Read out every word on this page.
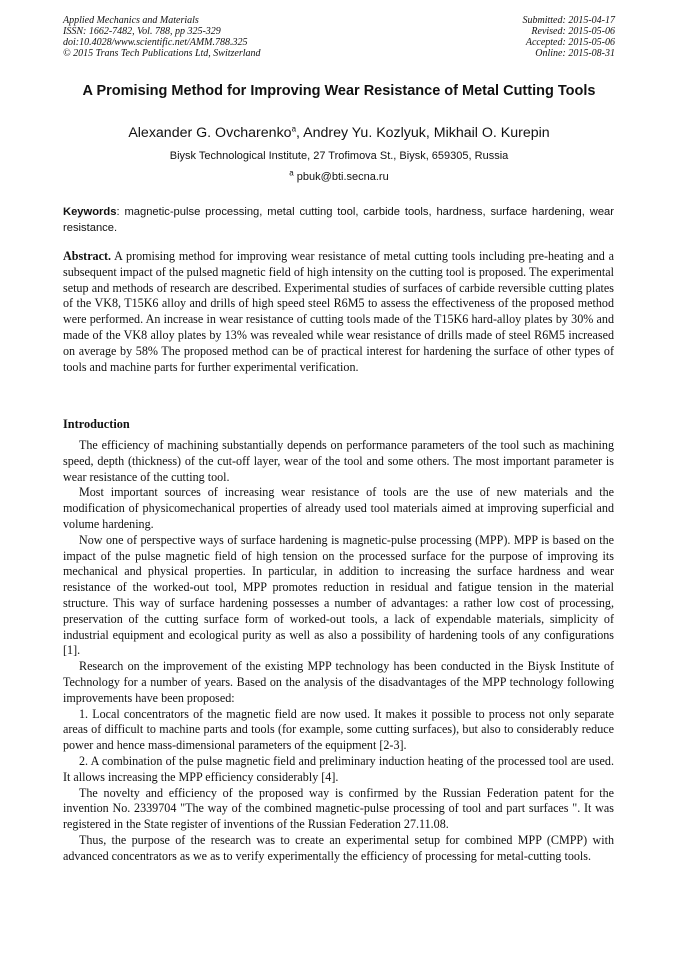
Applied Mechanics and Materials
ISSN: 1662-7482, Vol. 788, pp 325-329
doi:10.4028/www.scientific.net/AMM.788.325
© 2015 Trans Tech Publications Ltd, Switzerland
Submitted: 2015-04-17
Revised: 2015-05-06
Accepted: 2015-05-06
Online: 2015-08-31
A Promising Method for Improving Wear Resistance of Metal Cutting Tools
Alexander G. Ovcharenko$^a$, Andrey Yu. Kozlyuk, Mikhail O. Kurepin
Biysk Technological Institute, 27 Trofimova St., Biysk, 659305, Russia
$^a$ pbuk@bti.secna.ru
Keywords: magnetic-pulse processing, metal cutting tool, carbide tools, hardness, surface hardening, wear resistance.

Abstract. A promising method for improving wear resistance of metal cutting tools including pre-heating and a subsequent impact of the pulsed magnetic field of high intensity on the cutting tool is proposed. The experimental setup and methods of research are described. Experimental studies of surfaces of carbide reversible cutting plates of the VK8, T15K6 alloy and drills of high speed steel R6M5 to assess the effectiveness of the proposed method were performed. An increase in wear resistance of cutting tools made of the T15K6 hard-alloy plates by 30% and made of the VK8 alloy plates by 13% was revealed while wear resistance of drills made of steel R6M5 increased on average by 58% The proposed method can be of practical interest for hardening the surface of other types of tools and machine parts for further experimental verification.

Introduction

The efficiency of machining substantially depends on performance parameters of the tool such as machining speed, depth (thickness) of the cut-off layer, wear of the tool and some others. The most important parameter is wear resistance of the cutting tool.

Most important sources of increasing wear resistance of tools are the use of new materials and the modification of physicomechanical properties of already used tool materials aimed at improving superficial and volume hardening.

Now one of perspective ways of surface hardening is magnetic-pulse processing (MPP). MPP is based on the impact of the pulse magnetic field of high tension on the processed surface for the purpose of improving its mechanical and physical properties. In particular, in addition to increasing the surface hardness and wear resistance of the worked-out tool, MPP promotes reduction in residual and fatigue tension in the material structure. This way of surface hardening possesses a number of advantages: a rather low cost of processing, preservation of the cutting surface form of worked-out tools, a lack of expendable materials, simplicity of industrial equipment and ecological purity as well as also a possibility of hardening tools of any configurations [1].

Research on the improvement of the existing MPP technology has been conducted in the Biysk Institute of Technology for a number of years. Based on the analysis of the disadvantages of the MPP technology following improvements have been proposed:

1. Local concentrators of the magnetic field are now used. It makes it possible to process not only separate areas of difficult to machine parts and tools (for example, some cutting surfaces), but also to considerably reduce power and hence mass-dimensional parameters of the equipment [2-3].

2. A combination of the pulse magnetic field and preliminary induction heating of the processed tool are used. It allows increasing the MPP efficiency considerably [4].

The novelty and efficiency of the proposed way is confirmed by the Russian Federation patent for the invention No. 2339704 "The way of the combined magnetic-pulse processing of tool and part surfaces ". It was registered in the State register of inventions of the Russian Federation 27.11.08.

Thus, the purpose of the research was to create an experimental setup for combined MPP (CMPP) with advanced concentrators as we as to verify experimentally the efficiency of processing for metal-cutting tools.
